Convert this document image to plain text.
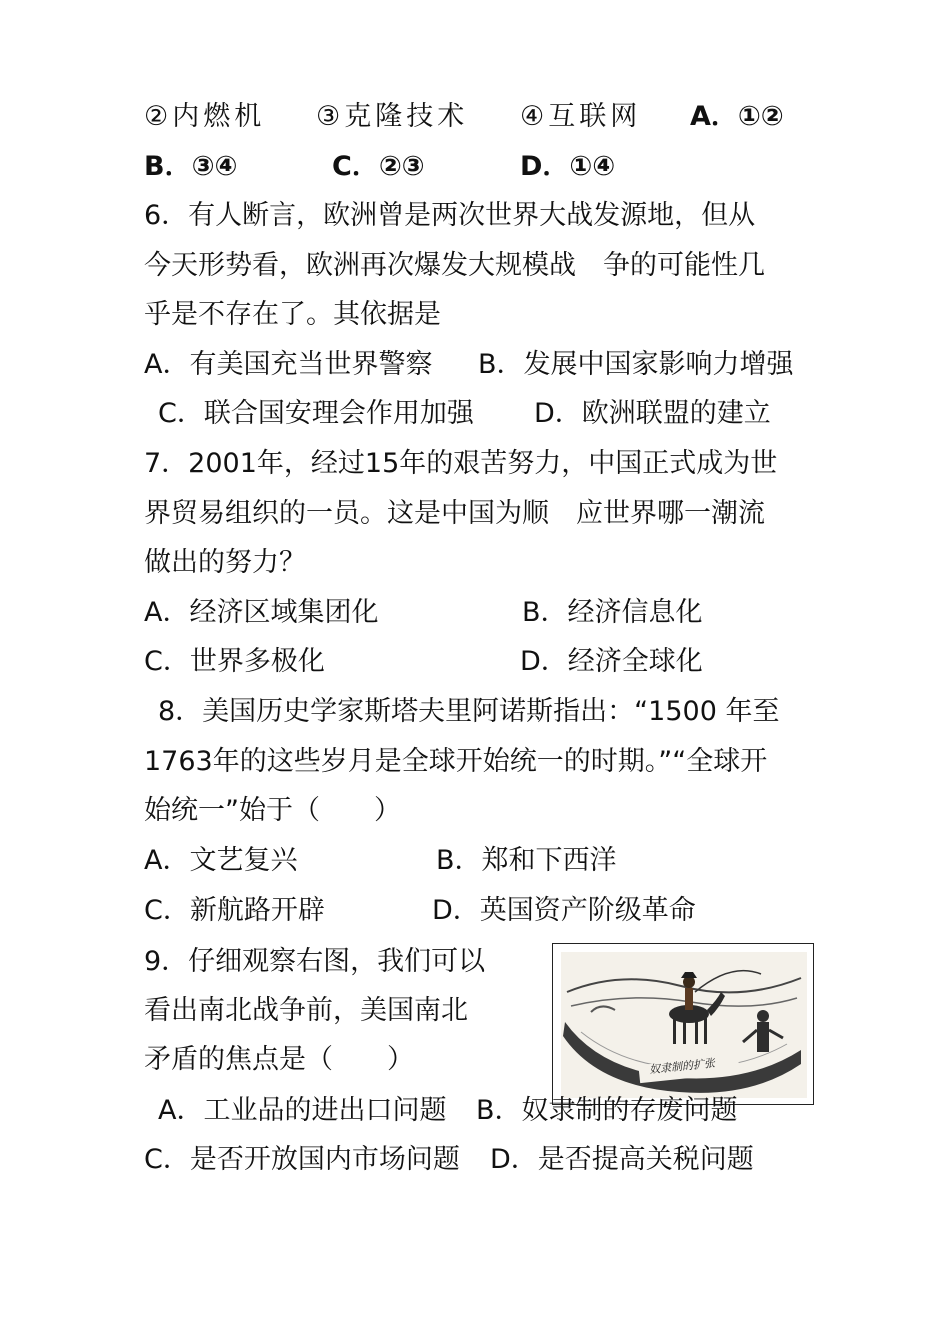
②内燃机 ③克隆技术 ④互联网 A．①②
B．③④	C．②③	D．①④
6．有人断言，欧洲曾是两次世界大战发源地，但从
今天形势看，欧洲再次爆发大规模战　争的可能性几
乎是不存在了。其依据是
A．有美国充当世界警察 B．发展中国家影响力增强
C．联合国安理会作用加强 D．欧洲联盟的建立
7．2001年，经过15年的艰苦努力，中国正式成为世
界贸易组织的一员。这是中国为顺　应世界哪一潮流
做出的努力？
A．经济区域集团化	B．经济信息化
C．世界多极化	D．经济全球化
8．美国历史学家斯塔夫里阿诺斯指出：“1500 年至
1763年的这些岁月是全球开始统一的时期。”“全球开
始统一”始于（　　）
A．文艺复兴	B．郑和下西洋
C．新航路开辟	D．英国资产阶级革命
9．仔细观察右图，我们可以
看出南北战争前，美国南北
矛盾的焦点是（　　）	奴隶制的扩张
A．工业品的进出口问题 B．奴隶制的存废问题
C．是否开放国内市场问题 D．是否提高关税问题
